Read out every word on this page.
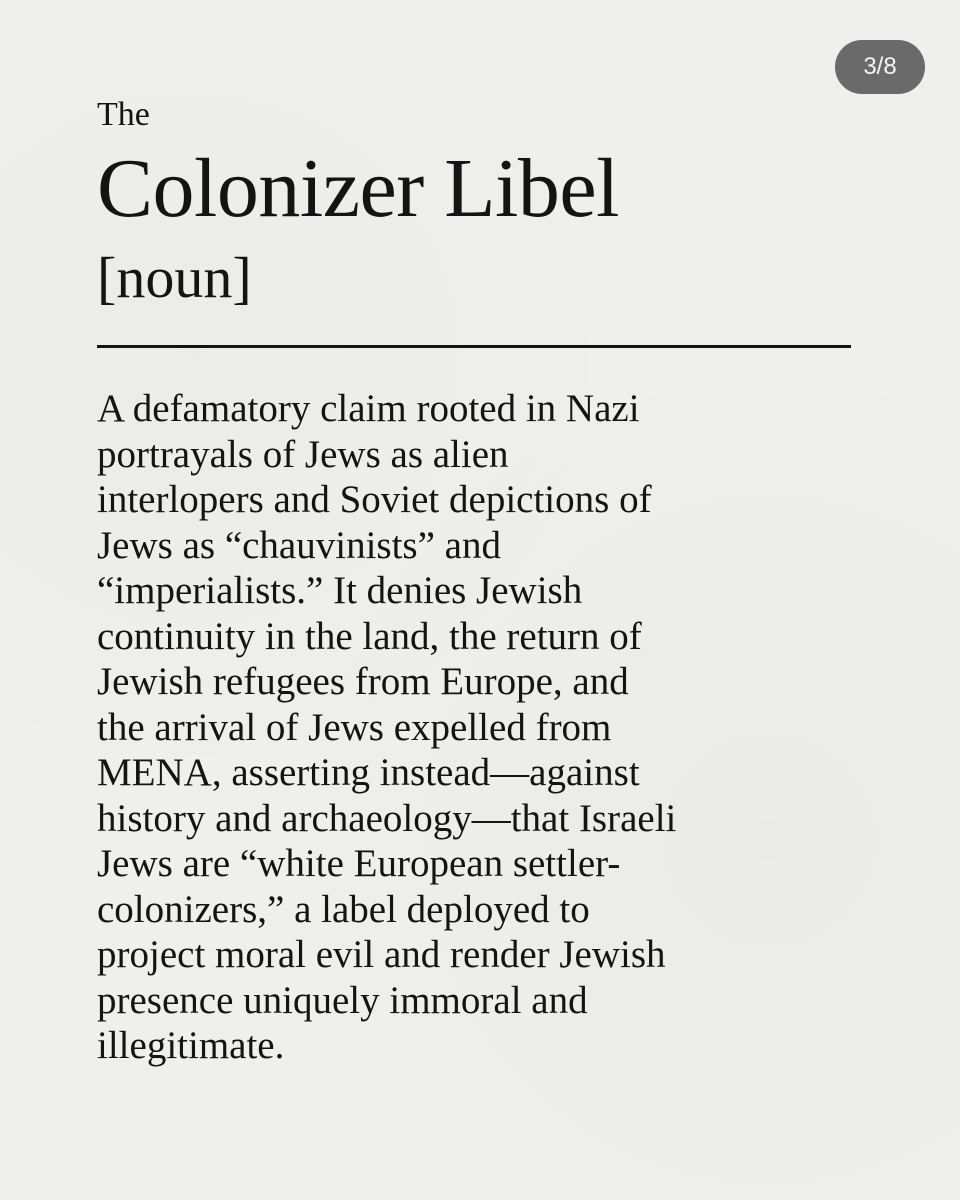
3/8

The

Colonizer Libel

[noun]

A defamatory claim rooted in Nazi
portrayals of Jews as alien
interlopers and Soviet depictions of
Jews as “chauvinists” and
“imperialists.” It denies Jewish
continuity in the land, the return of
Jewish refugees from Europe, and
the arrival of Jews expelled from
MENA, asserting instead—against
history and archaeology—that Israeli
Jews are “white European settler-
colonizers,” a label deployed to
project moral evil and render Jewish
presence uniquely immoral and
illegitimate.
